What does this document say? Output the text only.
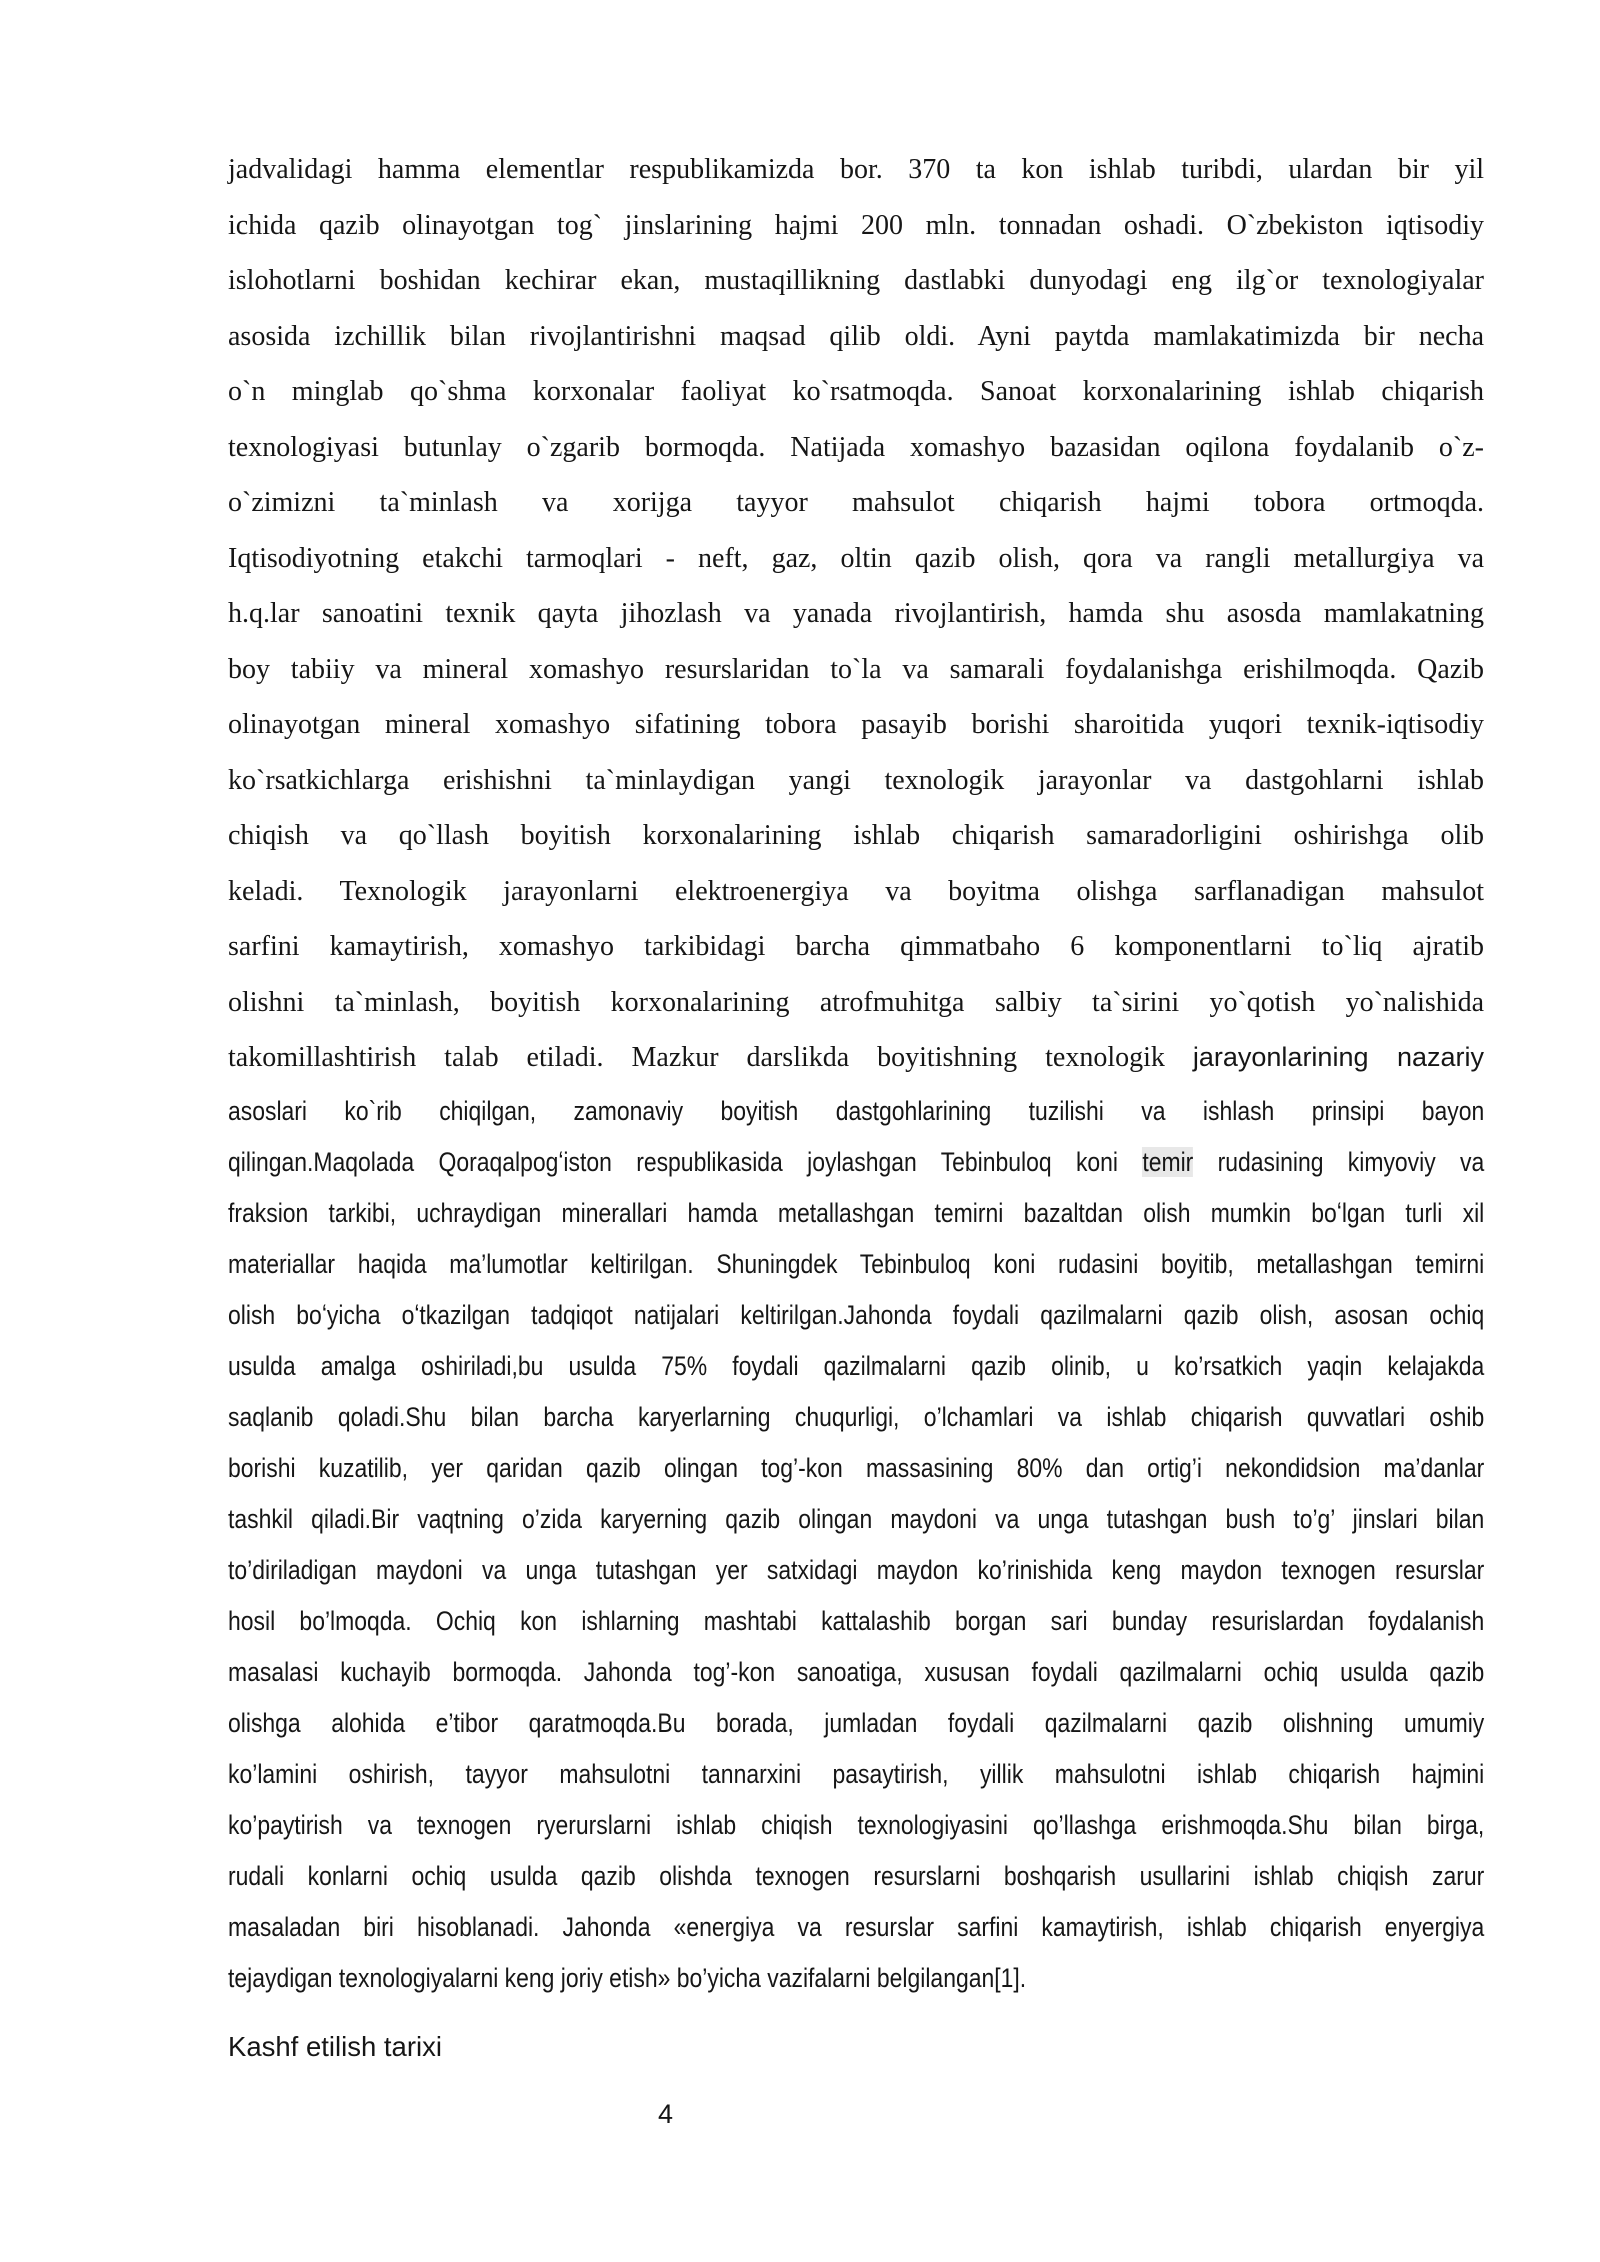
jadvalidagi hamma elementlar respublikamizda bor. 370 ta kon ishlab turibdi, ulardan bir yil
ichida qazib olinayotgan tog` jinslarining hajmi 200 mln. tonnadan oshadi. O`zbekiston iqtisodiy
islohotlarni boshidan kechirar ekan, mustaqillikning dastlabki dunyodagi eng ilg`or texnologiyalar
asosida izchillik bilan rivojlantirishni maqsad qilib oldi. Ayni paytda mamlakatimizda bir necha
o`n minglab qo`shma korxonalar faoliyat ko`rsatmoqda. Sanoat korxonalarining ishlab chiqarish
texnologiyasi butunlay o`zgarib bormoqda. Natijada xomashyo bazasidan oqilona foydalanib o`z-
o`zimizni ta`minlash va xorijga tayyor mahsulot chiqarish hajmi tobora ortmoqda.
Iqtisodiyotning etakchi tarmoqlari - neft, gaz, oltin qazib olish, qora va rangli metallurgiya va
h.q.lar sanoatini texnik qayta jihozlash va yanada rivojlantirish, hamda shu asosda mamlakatning
boy tabiiy va mineral xomashyo resurslaridan to`la va samarali foydalanishga erishilmoqda. Qazib
olinayotgan mineral xomashyo sifatining tobora pasayib borishi sharoitida yuqori texnik-iqtisodiy
ko`rsatkichlarga erishishni ta`minlaydigan yangi texnologik jarayonlar va dastgohlarni ishlab
chiqish va qo`llash boyitish korxonalarining ishlab chiqarish samaradorligini oshirishga olib
keladi. Texnologik jarayonlarni elektroenergiya va boyitma olishga sarflanadigan mahsulot
sarfini kamaytirish, xomashyo tarkibidagi barcha qimmatbaho 6 komponentlarni to`liq ajratib
olishni ta`minlash, boyitish korxonalarining atrofmuhitga salbiy ta`sirini yo`qotish yo`nalishida
takomillashtirish talab etiladi. Mazkur darslikda boyitishning texnologik jarayonlarining nazariy
asoslari ko`rib chiqilgan, zamonaviy boyitish dastgohlarining tuzilishi va ishlash prinsipi bayon
qilingan.Maqolada Qoraqalpogʻiston respublikasida joylashgan Tebinbuloq koni temir rudasining kimyoviy va
fraksion tarkibi, uchraydigan minerallari hamda metallashgan temirni bazaltdan olish mumkin boʻlgan turli xil
materiallar haqida ma’lumotlar keltirilgan. Shuningdek Tebinbuloq koni rudasini boyitib, metallashgan temirni
olish boʻyicha oʻtkazilgan tadqiqot natijalari keltirilgan.Jahonda foydali qazilmalarni qazib olish, asosan ochiq
usulda amalga oshiriladi,bu usulda 75% foydali qazilmalarni qazib olinib, u ko’rsatkich yaqin kelajakda
saqlanib qoladi.Shu bilan barcha karyerlarning chuqurligi, o’lchamlari va ishlab chiqarish quvvatlari oshib
borishi kuzatilib, yer qaridan qazib olingan tog’-kon massasining 80% dan ortig’i nekondidsion ma’danlar
tashkil qiladi.Bir vaqtning o’zida karyerning qazib olingan maydoni va unga tutashgan bush to’g’ jinslari bilan
to’diriladigan maydoni va unga tutashgan yer satxidagi maydon ko’rinishida keng maydon texnogen resurslar
hosil bo’lmoqda. Ochiq kon ishlarning mashtabi kattalashib borgan sari bunday resurislardan foydalanish
masalasi kuchayib bormoqda. Jahonda tog’-kon sanoatiga, xususan foydali qazilmalarni ochiq usulda qazib
olishga alohida e’tibor qaratmoqda.Bu borada, jumladan foydali qazilmalarni qazib olishning umumiy
ko’lamini oshirish, tayyor mahsulotni tannarxini pasaytirish, yillik mahsulotni ishlab chiqarish hajmini
ko’paytirish va texnogen ryerurslarni ishlab chiqish texnologiyasini qo’llashga erishmoqda.Shu bilan birga,
rudali konlarni ochiq usulda qazib olishda texnogen resurslarni boshqarish usullarini ishlab chiqish zarur
masaladan biri hisoblanadi. Jahonda «energiya va resurslar sarfini kamaytirish, ishlab chiqarish enyergiya
tejaydigan texnologiyalarni keng joriy etish» bo’yicha vazifalarni belgilangan[1].
Kashf etilish tarixi
4
